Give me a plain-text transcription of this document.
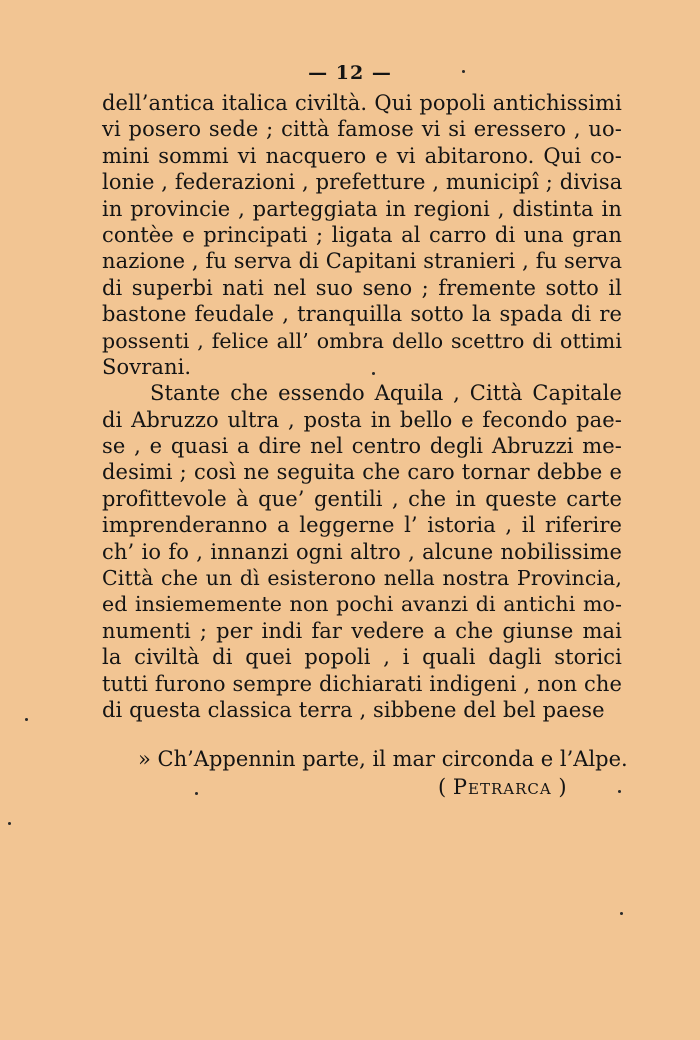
— 12 —
dell’antica italica civiltà. Qui popoli antichissimi
vi posero sede ; città famose vi si eressero , uo-
mini sommi vi nacquero e vi abitarono. Qui co-
lonie , federazioni , prefetture , municipî ; divisa
in provincie , parteggiata in regioni , distinta in
contèe e principati ; ligata al carro di una gran
nazione , fu serva di Capitani stranieri , fu serva
di superbi nati nel suo seno ; fremente sotto il
bastone feudale , tranquilla sotto la spada di re
possenti , felice all’ ombra dello scettro di ottimi
Sovrani.
Stante che essendo Aquila , Città Capitale
di Abruzzo ultra , posta in bello e fecondo pae-
se , e quasi a dire nel centro degli Abruzzi me-
desimi ; così ne seguita che caro tornar debbe e
profittevole à que’ gentili , che in queste carte
imprenderanno a leggerne l’ istoria , il riferire
ch’ io fo , innanzi ogni altro , alcune nobilissime
Città che un dì esisterono nella nostra Provincia,
ed insiememente non pochi avanzi di antichi mo-
numenti ; per indi far vedere a che giunse mai
la civiltà di quei popoli , i quali dagli storici
tutti furono sempre dichiarati indigeni , non che
di questa classica terra , sibbene del bel paese
» Ch’Appennin parte, il mar circonda e l’Alpe.
( Petrarca )
